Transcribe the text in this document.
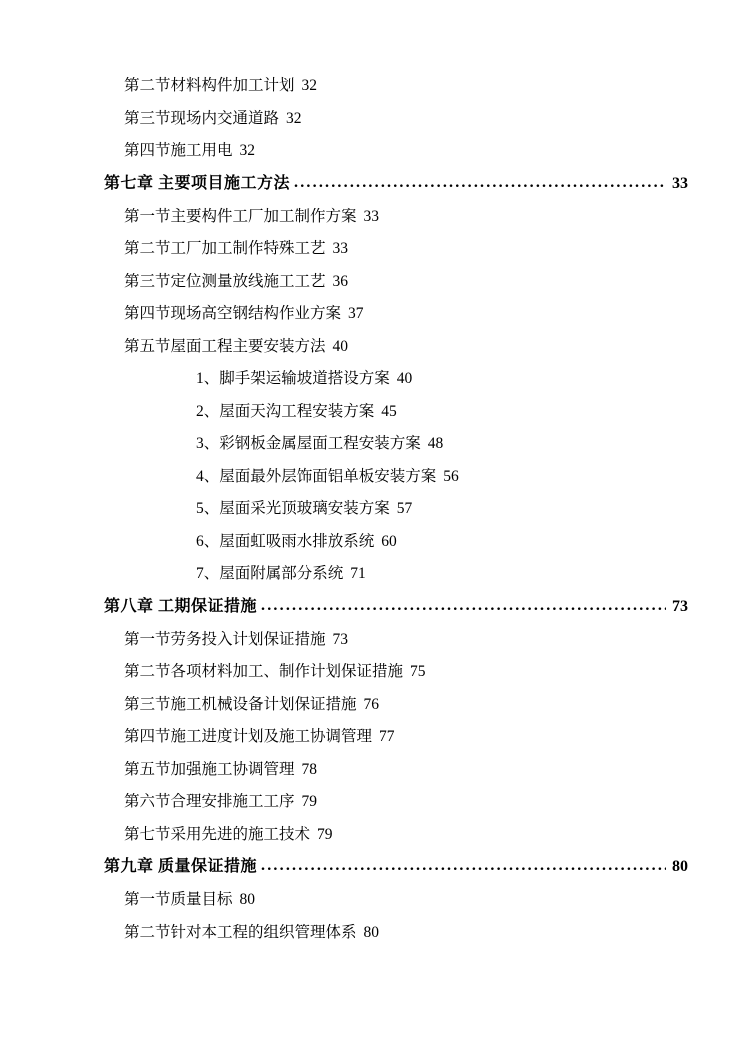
第二节材料构件加工计划 32
第三节现场内交通道路 32
第四节施工用电 32
第七章 主要项目施工方法 .....	33
第一节主要构件工厂加工制作方案 33
第二节工厂加工制作特殊工艺 33
第三节定位测量放线施工工艺 36
第四节现场高空钢结构作业方案 37
第五节屋面工程主要安装方法 40
1、脚手架运输坡道搭设方案 40
2、屋面天沟工程安装方案 45
3、彩钢板金属屋面工程安装方案 48
4、屋面最外层饰面铝单板安装方案 56
5、屋面采光顶玻璃安装方案 57
6、屋面虹吸雨水排放系统 60
7、屋面附属部分系统 71
第八章 工期保证措施 .....	73
第一节劳务投入计划保证措施 73
第二节各项材料加工、制作计划保证措施 75
第三节施工机械设备计划保证措施 76
第四节施工进度计划及施工协调管理 77
第五节加强施工协调管理 78
第六节合理安排施工工序 79
第七节采用先进的施工技术 79
第九章 质量保证措施 .....	80
第一节质量目标 80
第二节针对本工程的组织管理体系 80
